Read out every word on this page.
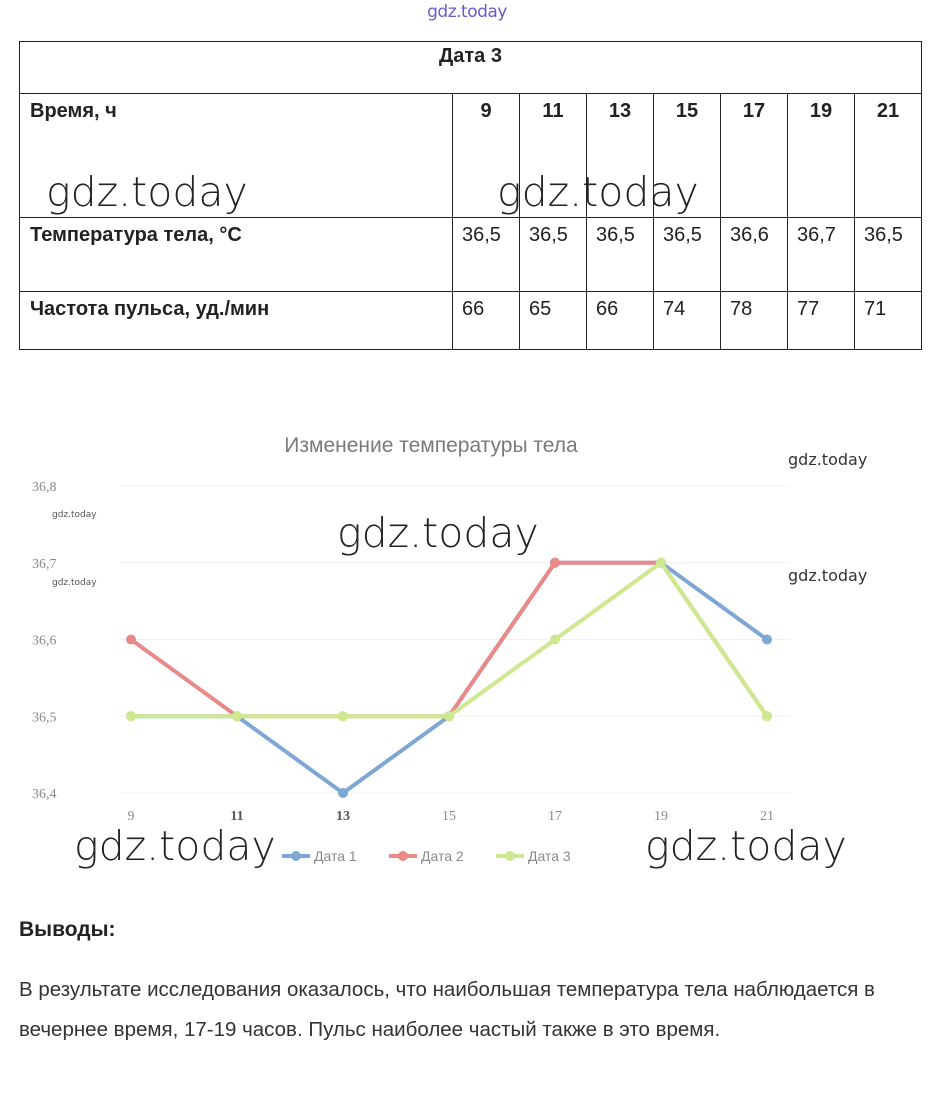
gdz.today
Дата 3							
Время, ч	9	11	13	15	17	19	21
Температура тела, °С	36,5	36,5	36,5	36,5	36,6	36,7	36,5
Частота пульса, уд./мин	66	65	66	74	78	77	71
gdz.today	gdz.today
Изменение температуры тела
36,4
36,5
36,6
36,7
36,8
9	11	13	15	17	19	21
Дата 1	Дата 2	Дата 3
gdz.today
gdz.today
gdz.today
gdz.today
gdz.today
gdz.today	gdz.today
Выводы:
В результате исследования оказалось, что наибольшая температура тела наблюдается в вечернее время, 17-19 часов. Пульс наиболее частый также в это время.
